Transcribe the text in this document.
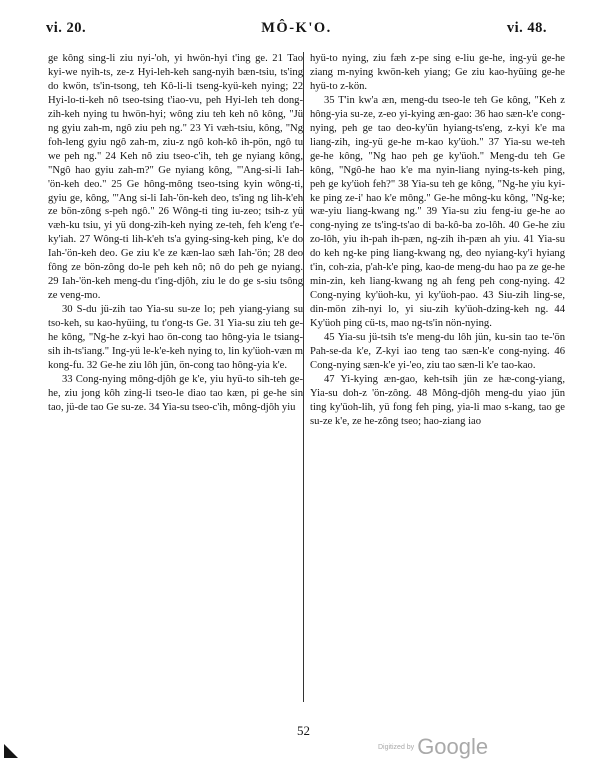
vi. 20.	MÔ-K'O.	vi. 48.

ge kông sing-li ziu nyi-'oh, yi hwön-hyi t'ing ge. 21 Tao kyi-we nyih-ts, ze-z Hyi-leh-keh sang-nyih bæn-tsiu, ts'ing do kwön, ts'in-tsong, teh Kô-li-li tseng-kyü-keh nying; 22 Hyi-lo-ti-keh nô tseo-tsing t'iao-vu, peh Hyi-leh teh dong-zih-keh nying tu hwön-hyi; wông ziu teh keh nô kông, "Jü ng gyiu zah-m, ngô ziu peh ng." 23 Yi væh-tsiu, kông, "Ng foh-leng gyiu ngô zah-m, ziu-z ngô koh-kô ih-pön, ngô tu we peh ng." 24 Keh nô ziu tseo-c'ih, teh ge nyiang kông, "Ngô hao gyiu zah-m?" Ge nyiang kông, "'Ang-si-li Iah-'ön-keh deo." 25 Ge hông-mông tseo-tsing kyin wông-ti, gyiu ge, kông, "'Ang si-li Iah-'ön-keh deo, ts'ing ng lih-k'eh ze bön-zông s-peh ngô." 26 Wông-ti ting iu-zeo; tsih-z yü væh-ku tsiu, yi yü dong-zih-keh nying ze-teh, feh k'eng t'e-ky'iah. 27 Wông-ti lih-k'eh ts'a gying-sing-keh ping, k'e do Iah-'ön-keh deo. Ge ziu k'e ze kæn-lao sæh Iah-'ön; 28 deo fông ze bön-zông do-le peh keh nô; nô do peh ge nyiang. 29 Iah-'ön-keh meng-du t'ing-djôh, ziu le do ge s-siu tsông ze veng-mo.

30 S-du jü-zih tao Yia-su su-ze lo; peh yiang-yiang su tso-keh, su kao-hyüing, tu t'ong-ts Ge. 31 Yia-su ziu teh ge-he kông, "Ng-he z-kyi hao ön-cong tao hông-yia le tsiang-sih ih-ts'iang." Ing-yü le-k'e-keh nying to, lin ky'üoh-væn m kong-fu. 32 Ge-he ziu lôh jün, ön-cong tao hông-yia k'e.

33 Cong-nying mông-djôh ge k'e, yiu hyü-to sih-teh ge-he, ziu jong kôh zing-li tseo-le diao tao kæn, pi ge-he sin tao, jü-de tao Ge su-ze. 34 Yia-su tseo-c'ih, mông-djôh yiu

hyü-to nying, ziu fæh z-pe sing e-liu ge-he, ing-yü ge-he ziang m-nying kwön-keh yiang; Ge ziu kao-hyüing ge-he hyü-to z-kön.

35 T'in kw'a æn, meng-du tseo-le teh Ge kông, "Keh z hông-yia su-ze, z-eo yi-kying æn-gao: 36 hao sæn-k'e cong-nying, peh ge tao deo-ky'ün hyiang-ts'eng, z-kyi k'e ma liang-zih, ing-yü ge-he m-kao ky'üoh." 37 Yia-su we-teh ge-he kông, "Ng hao peh ge ky'üoh." Meng-du teh Ge kông, "Ngô-he hao k'e ma nyin-liang nying-ts-keh ping, peh ge ky'üoh feh?" 38 Yia-su teh ge kông, "Ng-he yiu kyi-ke ping ze-i' hao k'e mông." Ge-he mông-ku kông, "Ng-ke; wæ-yiu liang-kwang ng." 39 Yia-su ziu feng-iu ge-he ao cong-nying ze ts'ing-ts'ao di ba-kô-ba zo-lôh. 40 Ge-he ziu zo-lôh, yiu ih-pah ih-pæn, ng-zih ih-pæn ah yiu. 41 Yia-su do keh ng-ke ping liang-kwang ng, deo nyiang-ky'i hyiang t'in, coh-zia, p'ah-k'e ping, kao-de meng-du hao pa ze ge-he min-zin, keh liang-kwang ng ah feng peh cong-nying. 42 Cong-nying ky'üoh-ku, yi ky'üoh-pao. 43 Siu-zih ling-se, din-mön zih-nyi lo, yi siu-zih ky'üoh-dzing-keh ng. 44 Ky'üoh ping cü-ts, mao ng-ts'in nön-nying.

45 Yia-su jü-tsih ts'e meng-du lôh jün, ku-sin tao te-'ön Pah-se-da k'e, Z-kyi iao teng tao sæn-k'e cong-nying. 46 Cong-nying sæn-k'e yi-'eo, ziu tao sæn-li k'e tao-kao.

47 Yi-kying æn-gao, keh-tsih jün ze hæ-cong-yiang, Yia-su doh-z 'ön-zông. 48 Mông-djôh meng-du yiao jün ting ky'üoh-lih, yü fong feh ping, yia-li mao s-kang, tao ge su-ze k'e, ze he-zông tseo; hao-ziang iao

52
Digitized by Google
